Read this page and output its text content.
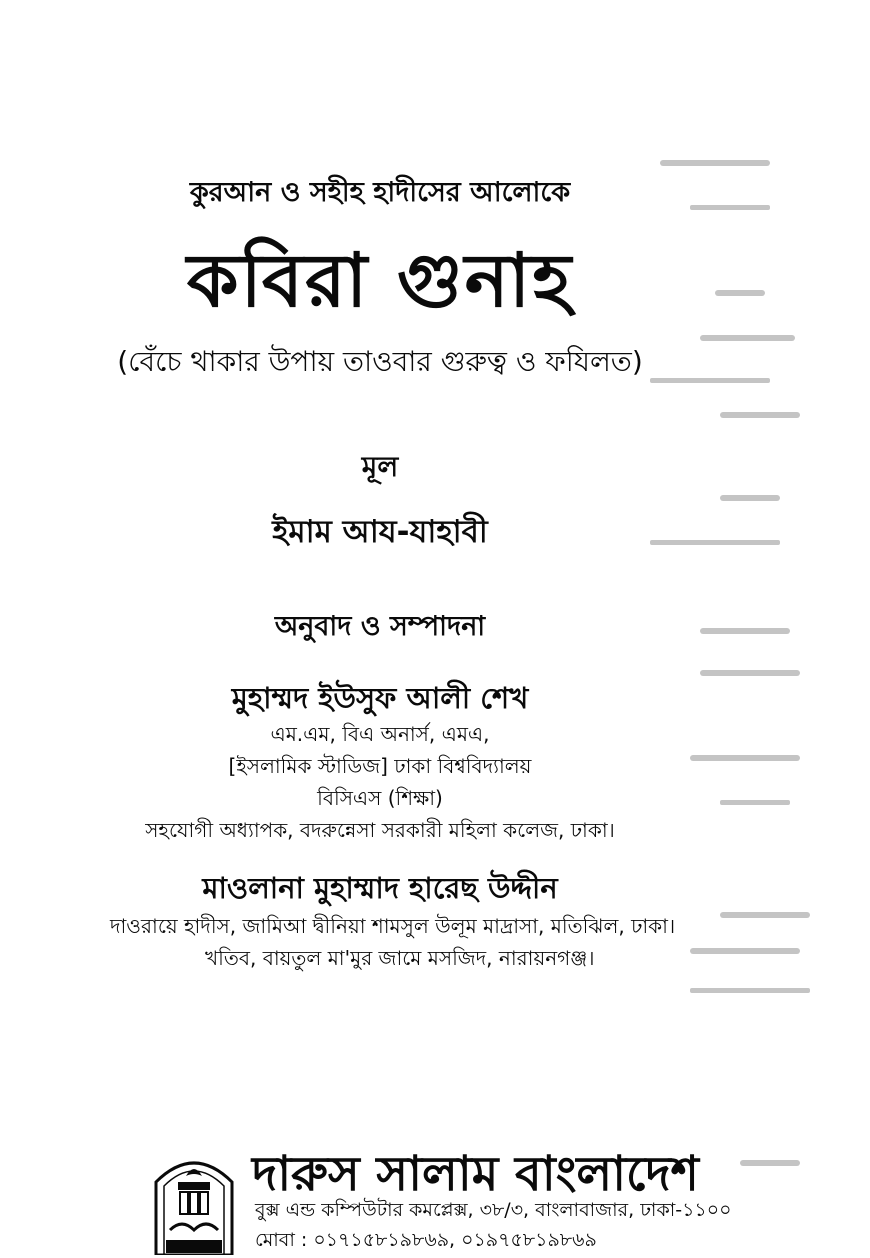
কুরআন ও সহীহ হাদীসের আলোকে
কবিরা গুনাহ
(বেঁচে থাকার উপায় তাওবার গুরুত্ব ও ফযিলত)
মূল
ইমাম আয-যাহাবী
অনুবাদ ও সম্পাদনা
মুহাম্মদ ইউসুফ আলী শেখ
এম.এম, বিএ অনার্স, এমএ,
[ইসলামিক স্টাডিজ] ঢাকা বিশ্ববিদ্যালয়
বিসিএস (শিক্ষা)
সহযোগী অধ্যাপক, বদরুন্নেসা সরকারী মহিলা কলেজ, ঢাকা।
মাওলানা মুহাম্মাদ হারেছ উদ্দীন
দাওরায়ে হাদীস, জামিআ দ্বীনিয়া শামসুল উলূম মাদ্রাসা, মতিঝিল, ঢাকা।
খতিব, বায়তুল মা'মুর জামে মসজিদ, নারায়নগঞ্জ।
দারুস সালাম বাংলাদেশ
বুক্স এন্ড কম্পিউটার কমপ্লেক্স, ৩৮/৩, বাংলাবাজার, ঢাকা-১১০০
মোবা : ০১৭১৫৮১৯৮৬৯, ০১৯৭৫৮১৯৮৬৯
